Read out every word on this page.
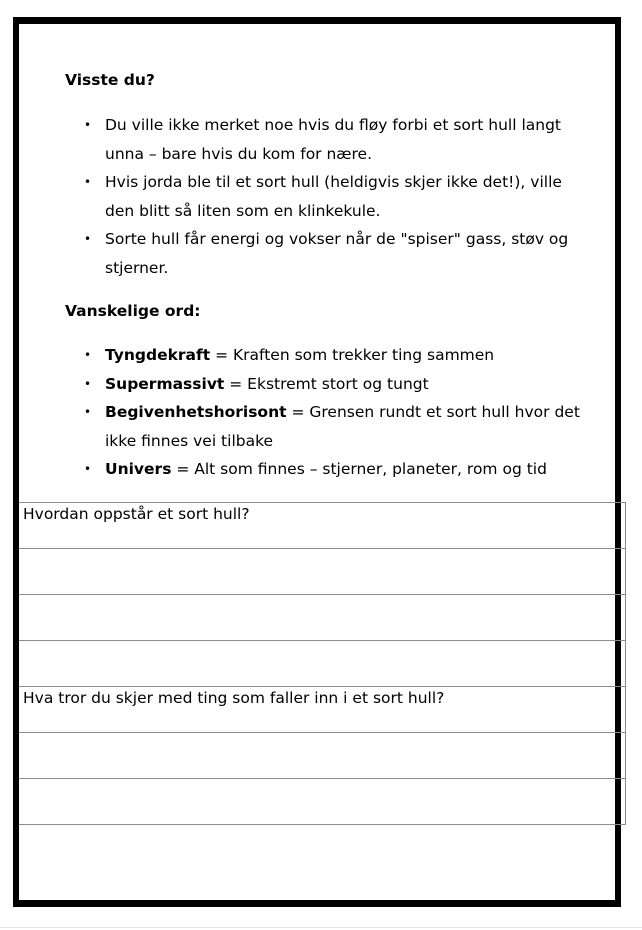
Visste du?
• Du ville ikke merket noe hvis du fløy forbi et sort hull langt unna – bare hvis du kom for nære.
• Hvis jorda ble til et sort hull (heldigvis skjer ikke det!), ville den blitt så liten som en klinkekule.
• Sorte hull får energi og vokser når de "spiser" gass, støv og stjerner.
Vanskelige ord:
• Tyngdekraft = Kraften som trekker ting sammen
• Supermassivt = Ekstremt stort og tungt
• Begivenhetshorisont = Grensen rundt et sort hull hvor det ikke finnes vei tilbake
• Univers = Alt som finnes – stjerner, planeter, rom og tid
Hvordan oppstår et sort hull?

Hva tror du skjer med ting som faller inn i et sort hull?
